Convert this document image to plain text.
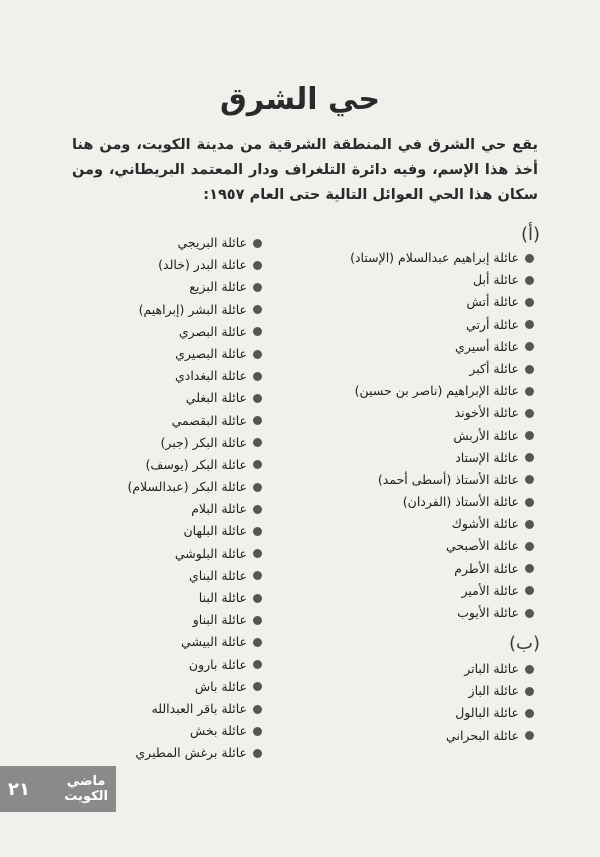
حي الشرق
يقع حي الشرق في المنطقة الشرقية من مدينة الكويت، ومن هنا أخذ هذا الإسم، وفيه دائرة التلغراف ودار المعتمد البريطاني، ومن سكان هذا الحي العوائل التالية حتى العام ١٩٥٧:
(أ)
عائلة إبراهيم عبدالسلام (الإستاد)
عائلة أبل
عائلة أتش
عائلة أرتي
عائلة أسيري
عائلة أكبر
عائلة الإبراهيم (ناصر بن حسين)
عائلة الأخوند
عائلة الأربش
عائلة الإستاد
عائلة الأستاذ (أسطى أحمد)
عائلة الأستاذ (الفردان)
عائلة الأشوك
عائلة الأصبحي
عائلة الأطرم
عائلة الأمير
عائلة الأيوب
(ب)
عائلة الباتر
عائلة الباز
عائلة البالول
عائلة البحراني
عائلة البريجي
عائلة البدر (خالد)
عائلة البزيع
عائلة البشر (إبراهيم)
عائلة البصري
عائلة البصيري
عائلة البغدادي
عائلة البغلي
عائلة البقصمي
عائلة البكر (جبر)
عائلة البكر (يوسف)
عائلة البكر (عبدالسلام)
عائلة البلام
عائلة البلهان
عائلة البلوشي
عائلة البناي
عائلة البنا
عائلة البناو
عائلة البيشي
عائلة بارون
عائلة باش
عائلة باقر العبدالله
عائلة بخش
عائلة برغش المطيري
ماضي
الكويت
٢١
